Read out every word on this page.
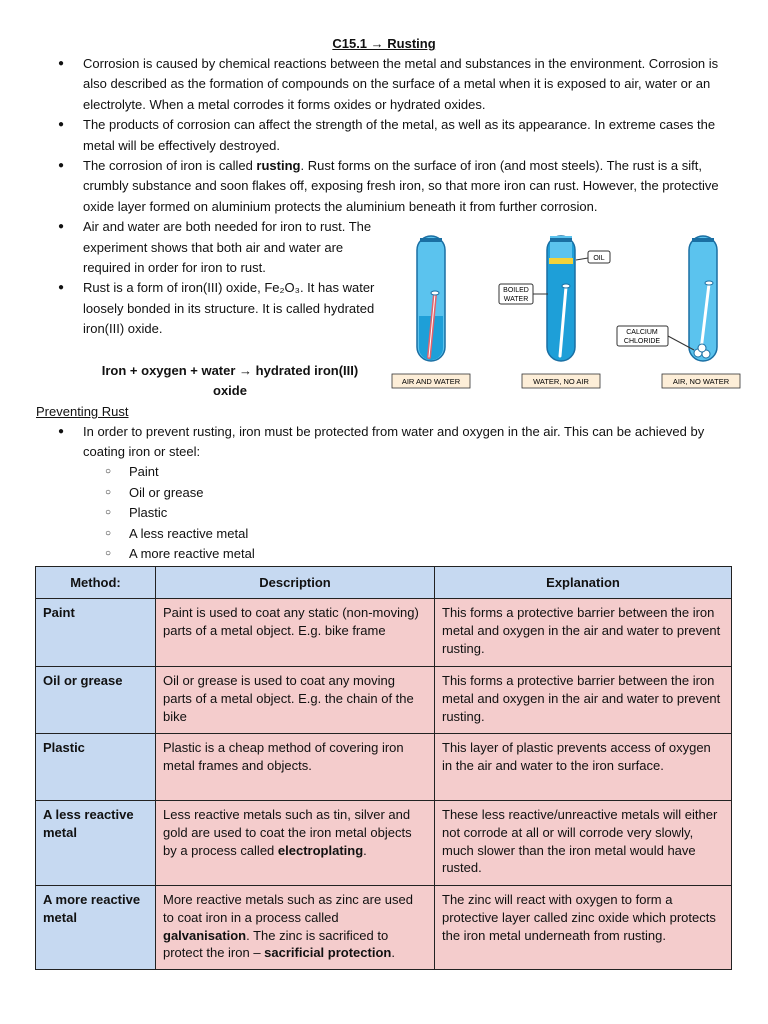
C15.1 → Rusting
● Corrosion is caused by chemical reactions between the metal and substances in the environment. Corrosion is also described as the formation of compounds on the surface of a metal when it is exposed to air, water or an electrolyte. When a metal corrodes it forms oxides or hydrated oxides.
● The products of corrosion can affect the strength of the metal, as well as its appearance. In extreme cases the metal will be effectively destroyed.
● The corrosion of iron is called rusting. Rust forms on the surface of iron (and most steels). The rust is a sift, crumbly substance and soon flakes off, exposing fresh iron, so that more iron can rust. However, the protective oxide layer formed on aluminium protects the aluminium beneath it from further corrosion.
● Air and water are both needed for iron to rust. The experiment shows that both air and water are required in order for iron to rust.
● Rust is a form of iron(III) oxide, Fe₂O₃. It has water loosely bonded in its structure. It is called hydrated iron(III) oxide.
Iron + oxygen + water → hydrated iron(III) oxide
OIL
BOILED
WATER
CALCIUM
CHLORIDE
AIR AND WATER	WATER, NO AIR	AIR, NO WATER
Preventing Rust
● In order to prevent rusting, iron must be protected from water and oxygen in the air. This can be achieved by coating iron or steel:
○ Paint
○ Oil or grease
○ Plastic
○ A less reactive metal
○ A more reactive metal
Method:	Description	Explanation
Paint	Paint is used to coat any static (non-moving) parts of a metal object. E.g. bike frame	This forms a protective barrier between the iron metal and oxygen in the air and water to prevent rusting.
Oil or grease	Oil or grease is used to coat any moving parts of a metal object. E.g. the chain of the bike	This forms a protective barrier between the iron metal and oxygen in the air and water to prevent rusting.
Plastic	Plastic is a cheap method of covering iron metal frames and objects.	This layer of plastic prevents access of oxygen in the air and water to the iron surface.
A less reactive metal	Less reactive metals such as tin, silver and gold are used to coat the iron metal objects by a process called electroplating.	These less reactive/unreactive metals will either not corrode at all or will corrode very slowly, much slower than the iron metal would have rusted.
A more reactive metal	More reactive metals such as zinc are used to coat iron in a process called galvanisation. The zinc is sacrificed to protect the iron – sacrificial protection.	The zinc will react with oxygen to form a protective layer called zinc oxide which protects the iron metal underneath from rusting.
